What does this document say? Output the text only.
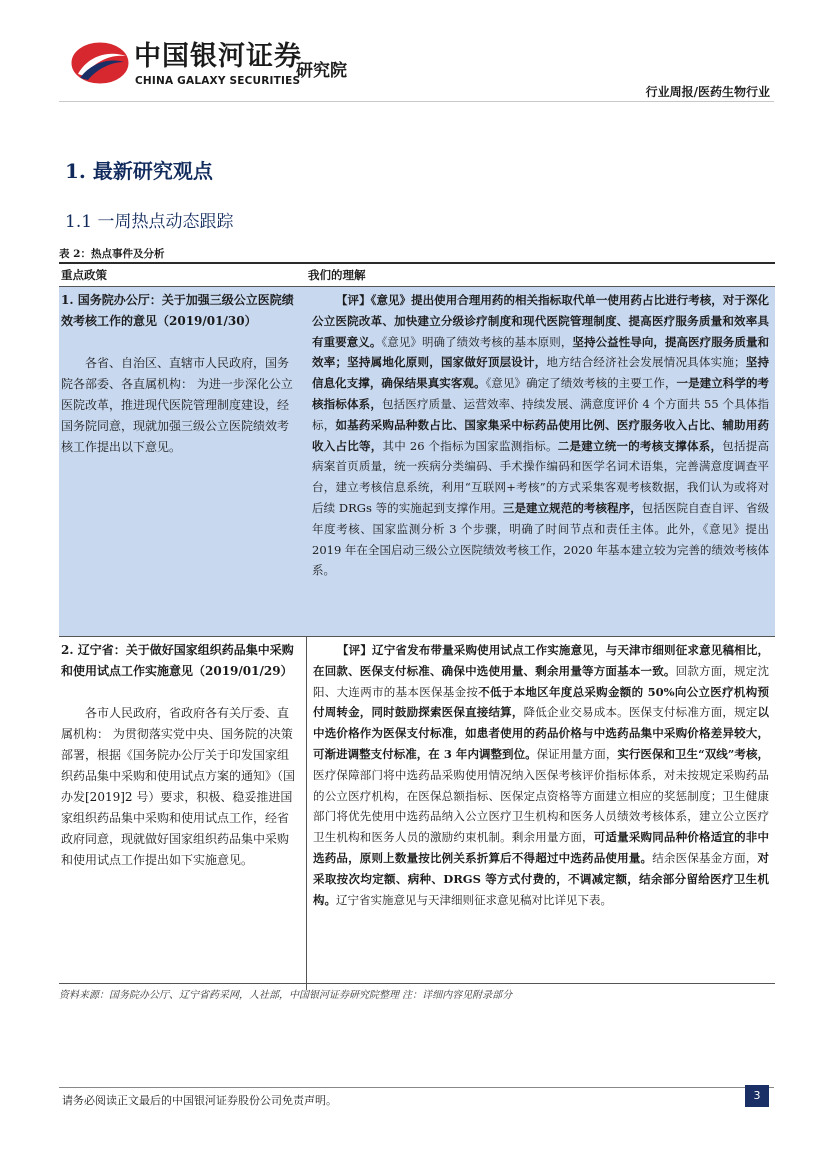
中国银河证券
CHINA GALAXY SECURITIES
研究院
行业周报/医药生物行业
1. 最新研究观点
1.1 一周热点动态跟踪
表 2：热点事件及分析
重点政策	我们的理解
1. 国务院办公厅：关于加强三级公立医院绩效考核工作的意见（2019/01/30）
各省、自治区、直辖市人民政府，国务院各部委、各直属机构： 为进一步深化公立医院改革，推进现代医院管理制度建设，经国务院同意，现就加强三级公立医院绩效考核工作提出以下意见。
【评】《意见》提出使用合理用药的相关指标取代单一使用药占比进行考核，对于深化公立医院改革、加快建立分级诊疗制度和现代医院管理制度、提高医疗服务质量和效率具有重要意义。《意见》明确了绩效考核的基本原则，坚持公益性导向，提高医疗服务质量和效率；坚持属地化原则，国家做好顶层设计，地方结合经济社会发展情况具体实施；坚持信息化支撑，确保结果真实客观。《意见》确定了绩效考核的主要工作，一是建立科学的考核指标体系，包括医疗质量、运营效率、持续发展、满意度评价 4 个方面共 55 个具体指标，如基药采购品种数占比、国家集采中标药品使用比例、医疗服务收入占比、辅助用药收入占比等，其中 26 个指标为国家监测指标。二是建立统一的考核支撑体系，包括提高病案首页质量，统一疾病分类编码、手术操作编码和医学名词术语集，完善满意度调查平台，建立考核信息系统，利用“互联网+考核”的方式采集客观考核数据，我们认为或将对后续 DRGs 等的实施起到支撑作用。三是建立规范的考核程序，包括医院自查自评、省级年度考核、国家监测分析 3 个步骤，明确了时间节点和责任主体。此外，《意见》提出 2019 年在全国启动三级公立医院绩效考核工作，2020 年基本建立较为完善的绩效考核体系。
2. 辽宁省：关于做好国家组织药品集中采购和使用试点工作实施意见（2019/01/29）
各市人民政府，省政府各有关厅委、直属机构： 为贯彻落实党中央、国务院的决策部署，根据《国务院办公厅关于印发国家组织药品集中采购和使用试点方案的通知》（国办发[2019]2 号）要求，积极、稳妥推进国家组织药品集中采购和使用试点工作，经省政府同意，现就做好国家组织药品集中采购和使用试点工作提出如下实施意见。
【评】辽宁省发布带量采购使用试点工作实施意见，与天津市细则征求意见稿相比，在回款、医保支付标准、确保中选使用量、剩余用量等方面基本一致。回款方面，规定沈阳、大连两市的基本医保基金按不低于本地区年度总采购金额的 50%向公立医疗机构预付周转金，同时鼓励探索医保直接结算，降低企业交易成本。医保支付标准方面，规定以中选价格作为医保支付标准，如患者使用的药品价格与中选药品集中采购价格差异较大，可渐进调整支付标准，在 3 年内调整到位。保证用量方面，实行医保和卫生“双线”考核，医疗保障部门将中选药品采购使用情况纳入医保考核评价指标体系，对未按规定采购药品的公立医疗机构，在医保总额指标、医保定点资格等方面建立相应的奖惩制度；卫生健康部门将优先使用中选药品纳入公立医疗卫生机构和医务人员绩效考核体系，建立公立医疗卫生机构和医务人员的激励约束机制。剩余用量方面，可适量采购同品种价格适宜的非中选药品，原则上数量按比例关系折算后不得超过中选药品使用量。结余医保基金方面，对采取按次均定额、病种、DRGS 等方式付费的，不调减定额，结余部分留给医疗卫生机构。辽宁省实施意见与天津细则征求意见稿对比详见下表。
资料来源：国务院办公厅、辽宁省药采网，人社部，中国银河证券研究院整理 注：详细内容见附录部分
请务必阅读正文最后的中国银河证券股份公司免责声明。	3
